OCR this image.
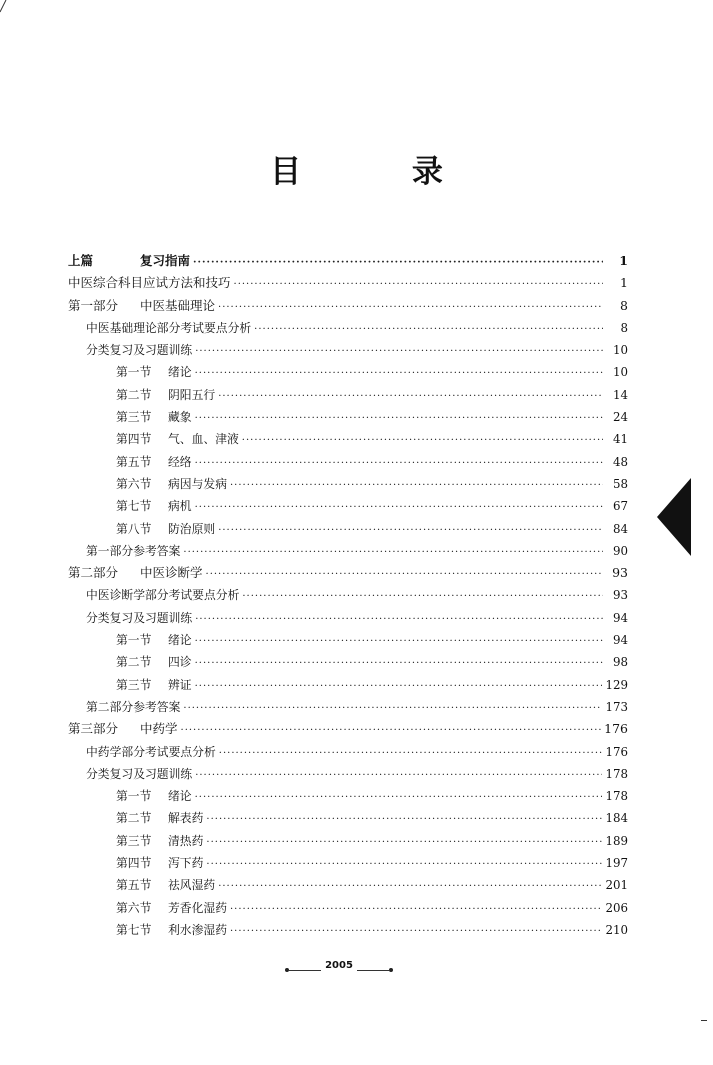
目 录
上篇	复习指南 ·····	1
中医综合科目应试方法和技巧 ·····	1
第一部分 中医基础理论 ·····	8
中医基础理论部分考试要点分析 ·····	8
分类复习及习题训练 ·····	10
第一节 绪论 ·····	10
第二节 阴阳五行 ·····	14
第三节 藏象 ·····	24
第四节 气、血、津液 ·····	41
第五节 经络 ·····	48
第六节 病因与发病 ·····	58
第七节 病机 ·····	67
第八节 防治原则 ·····	84
第一部分参考答案 ·····	90
第二部分 中医诊断学 ·····	93
中医诊断学部分考试要点分析 ·····	93
分类复习及习题训练 ·····	94
第一节 绪论 ·····	94
第二节 四诊 ·····	98
第三节 辨证 ·····	129
第二部分参考答案 ·····	173
第三部分 中药学 ·····	176
中药学部分考试要点分析 ·····	176
分类复习及习题训练 ·····	178
第一节 绪论 ·····	178
第二节 解表药 ·····	184
第三节 清热药 ·····	189
第四节 泻下药 ·····	197
第五节 祛风湿药 ·····	201
第六节 芳香化湿药 ·····	206
第七节 利水渗湿药 ·····	210
2005
